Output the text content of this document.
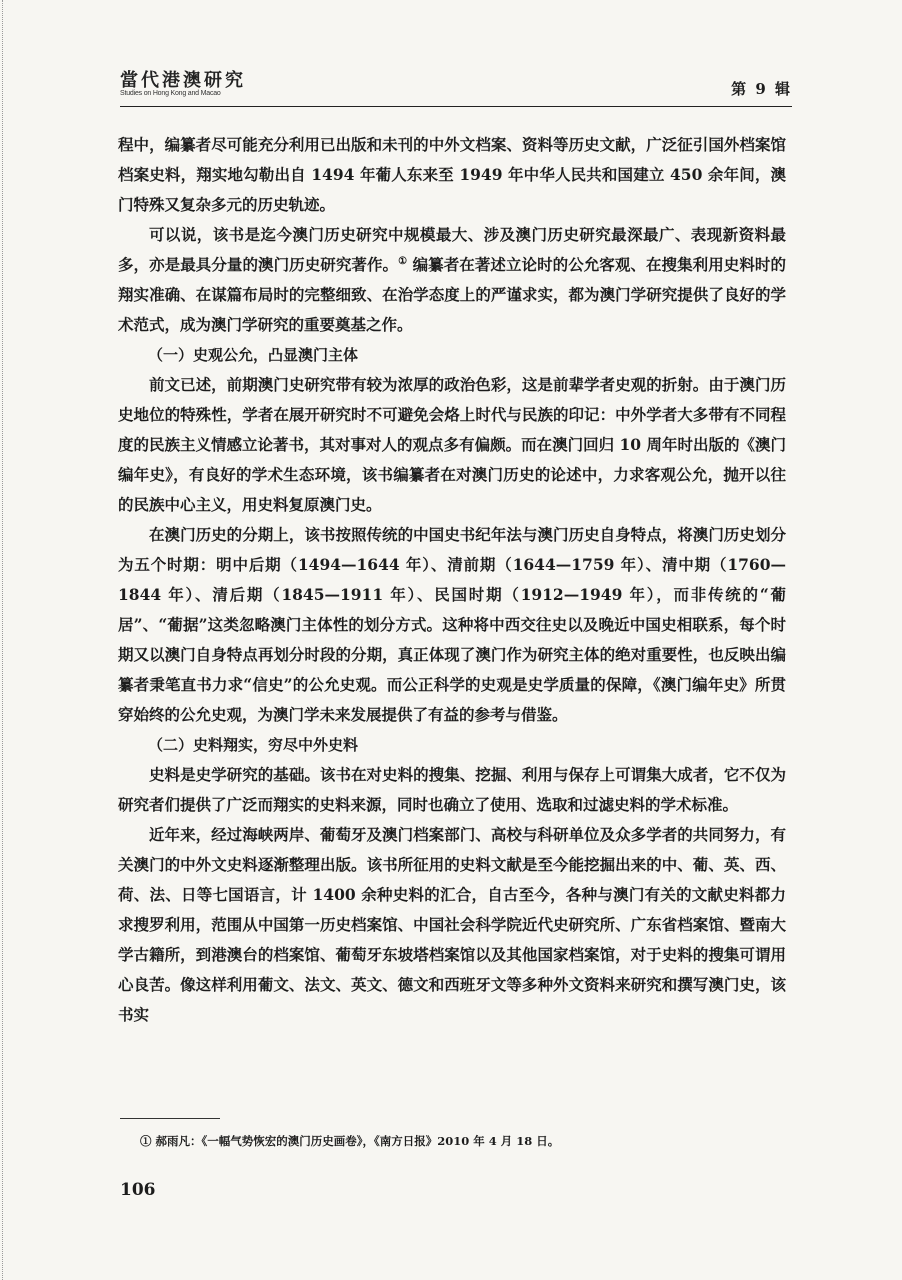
當代港澳研究
Studies on Hong Kong and Macao	第 9 辑

程中，编纂者尽可能充分利用已出版和未刊的中外文档案、资料等历史文献，广泛征引国外档案馆档案史料，翔实地勾勒出自 1494 年葡人东来至 1949 年中华人民共和国建立 450 余年间，澳门特殊又复杂多元的历史轨迹。

可以说，该书是迄今澳门历史研究中规模最大、涉及澳门历史研究最深最广、表现新资料最多，亦是最具分量的澳门历史研究著作。① 编纂者在著述立论时的公允客观、在搜集利用史料时的翔实准确、在谋篇布局时的完整细致、在治学态度上的严谨求实，都为澳门学研究提供了良好的学术范式，成为澳门学研究的重要奠基之作。

（一）史观公允，凸显澳门主体

前文已述，前期澳门史研究带有较为浓厚的政治色彩，这是前辈学者史观的折射。由于澳门历史地位的特殊性，学者在展开研究时不可避免会烙上时代与民族的印记：中外学者大多带有不同程度的民族主义情感立论著书，其对事对人的观点多有偏颇。而在澳门回归 10 周年时出版的《澳门编年史》，有良好的学术生态环境，该书编纂者在对澳门历史的论述中，力求客观公允，抛开以往的民族中心主义，用史料复原澳门史。

在澳门历史的分期上，该书按照传统的中国史书纪年法与澳门历史自身特点，将澳门历史划分为五个时期：明中后期（1494—1644 年）、清前期（1644—1759 年）、清中期（1760—1844 年）、清后期（1845—1911 年）、民国时期（1912—1949 年），而非传统的“葡居”、“葡据”这类忽略澳门主体性的划分方式。这种将中西交往史以及晚近中国史相联系，每个时期又以澳门自身特点再划分时段的分期，真正体现了澳门作为研究主体的绝对重要性，也反映出编纂者秉笔直书力求“信史”的公允史观。而公正科学的史观是史学质量的保障，《澳门编年史》所贯穿始终的公允史观，为澳门学未来发展提供了有益的参考与借鉴。

（二）史料翔实，穷尽中外史料

史料是史学研究的基础。该书在对史料的搜集、挖掘、利用与保存上可谓集大成者，它不仅为研究者们提供了广泛而翔实的史料来源，同时也确立了使用、选取和过滤史料的学术标准。

近年来，经过海峡两岸、葡萄牙及澳门档案部门、高校与科研单位及众多学者的共同努力，有关澳门的中外文史料逐渐整理出版。该书所征用的史料文献是至今能挖掘出来的中、葡、英、西、荷、法、日等七国语言，计 1400 余种史料的汇合，自古至今，各种与澳门有关的文献史料都力求搜罗利用，范围从中国第一历史档案馆、中国社会科学院近代史研究所、广东省档案馆、暨南大学古籍所，到港澳台的档案馆、葡萄牙东坡塔档案馆以及其他国家档案馆，对于史料的搜集可谓用心良苦。像这样利用葡文、法文、英文、德文和西班牙文等多种外文资料来研究和撰写澳门史，该书实

① 郝雨凡：《一幅气势恢宏的澳门历史画卷》，《南方日报》2010 年 4 月 18 日。
106
